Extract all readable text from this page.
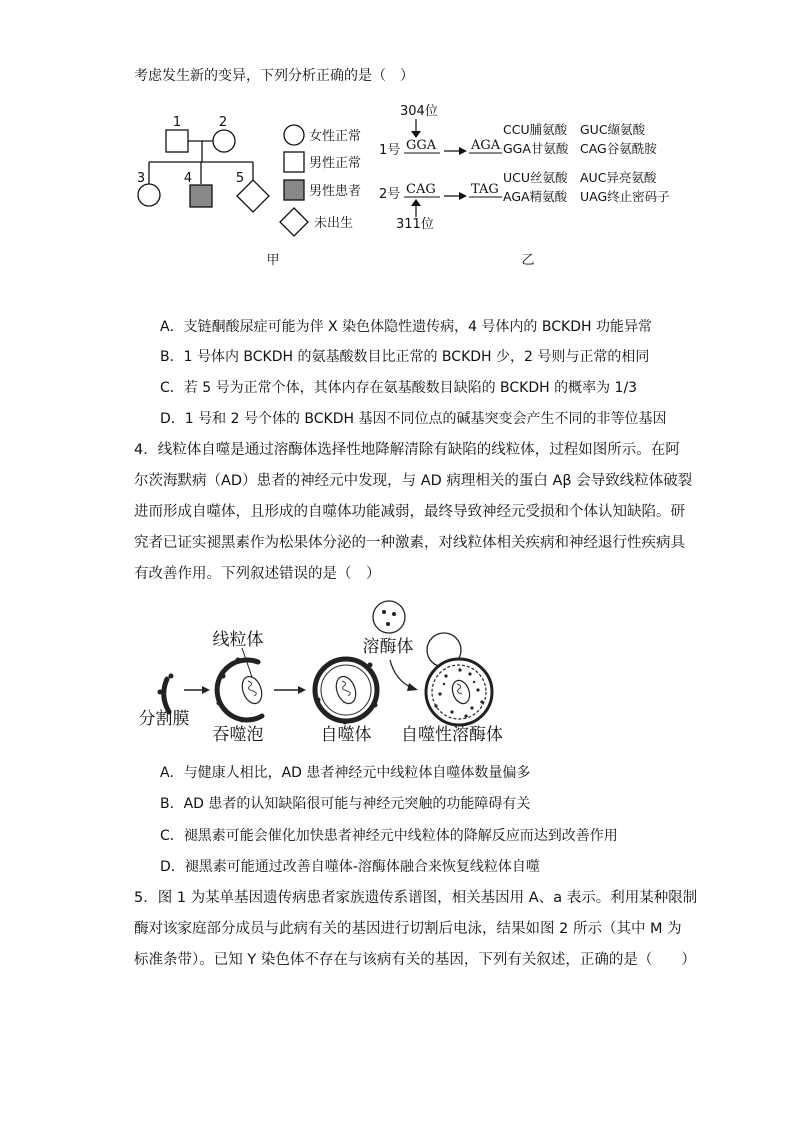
考虑发生新的变异，下列分析正确的是（　）
1	2
3	4	5
女性正常
男性正常
男性患者
未出生
甲
304位
1号 GGA	AGA
CCU脯氨酸 GUC缬氨酸
GGA甘氨酸 CAG谷氨酰胺
2号 CAG	TAG
UCU丝氨酸 AUC异亮氨酸
AGA精氨酸 UAG终止密码子
311位
乙
A．支链酮酸尿症可能为伴 X 染色体隐性遗传病，4 号体内的 BCKDH 功能异常
B．1 号体内 BCKDH 的氨基酸数目比正常的 BCKDH 少，2 号则与正常的相同
C．若 5 号为正常个体，其体内存在氨基酸数目缺陷的 BCKDH 的概率为 1/3
D．1 号和 2 号个体的 BCKDH 基因不同位点的碱基突变会产生不同的非等位基因
4．线粒体自噬是通过溶酶体选择性地降解清除有缺陷的线粒体，过程如图所示。在阿
尔茨海默病（AD）患者的神经元中发现，与 AD 病理相关的蛋白 Aβ 会导致线粒体破裂
进而形成自噬体，且形成的自噬体功能减弱，最终导致神经元受损和个体认知缺陷。研
究者已证实褪黑素作为松果体分泌的一种激素，对线粒体相关疾病和神经退行性疾病具
有改善作用。下列叙述错误的是（　）
分割膜
线粒体
吞噬泡	自噬体
溶酶体
自噬性溶酶体
A．与健康人相比，AD 患者神经元中线粒体自噬体数量偏多
B．AD 患者的认知缺陷很可能与神经元突触的功能障碍有关
C．褪黑素可能会催化加快患者神经元中线粒体的降解反应而达到改善作用
D．褪黑素可能通过改善自噬体-溶酶体融合来恢复线粒体自噬
5．图 1 为某单基因遗传病患者家族遗传系谱图，相关基因用 A、a 表示。利用某种限制
酶对该家庭部分成员与此病有关的基因进行切割后电泳，结果如图 2 所示（其中 M 为
标准条带）。已知 Y 染色体不存在与该病有关的基因，下列有关叙述，正确的是（　　）
